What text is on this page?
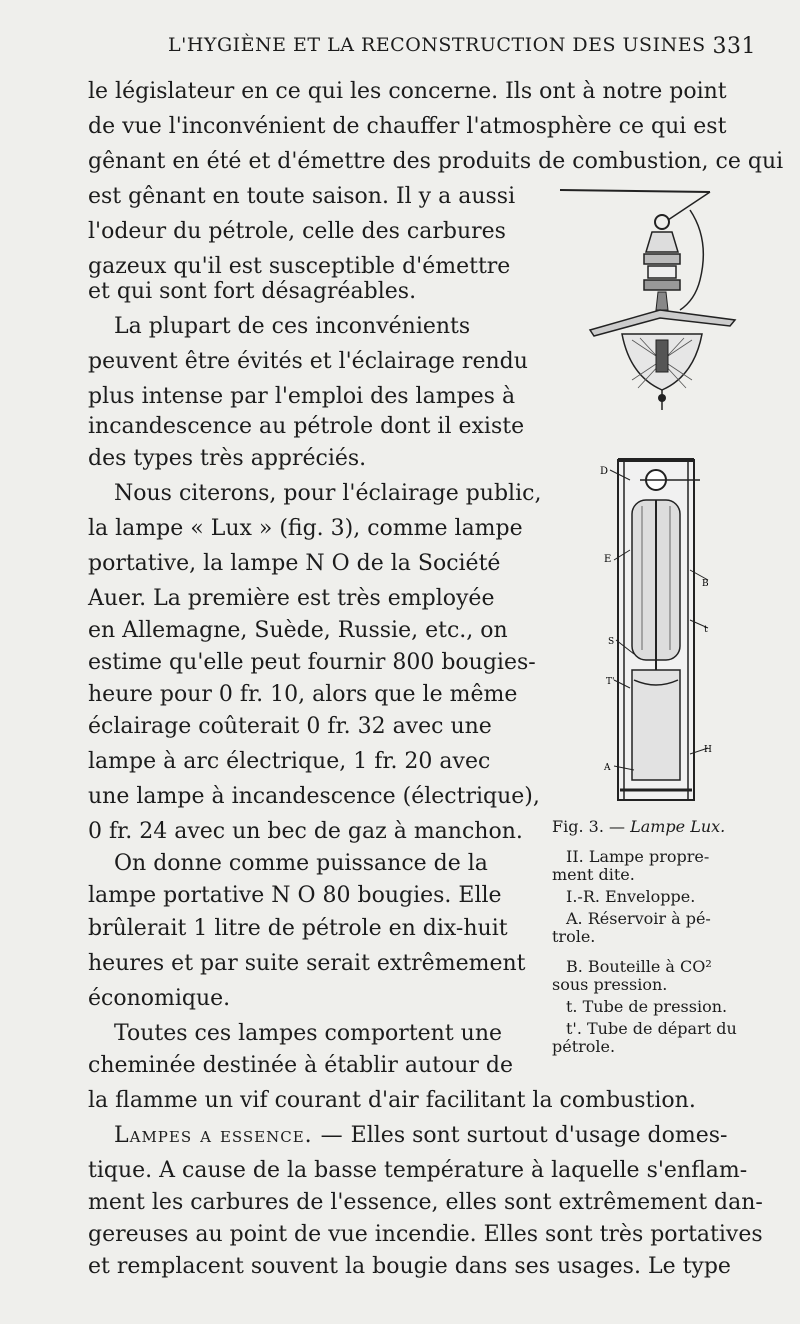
L'HYGIÈNE ET LA RECONSTRUCTION DES USINES 331
le législateur en ce qui les concerne. Ils ont à notre point
de vue l'inconvénient de chauffer l'atmosphère ce qui est
gênant en été et d'émettre des produits de combustion, ce qui
est gênant en toute saison. Il y a aussi
l'odeur du pétrole, celle des carbures
gazeux qu'il est susceptible d'émettre
et qui sont fort désagréables.
La plupart de ces inconvénients
peuvent être évités et l'éclairage rendu
plus intense par l'emploi des lampes à
incandescence au pétrole dont il existe
des types très appréciés.
Nous citerons, pour l'éclairage public,
la lampe « Lux » (fig. 3), comme lampe
portative, la lampe N O de la Société
Auer. La première est très employée
en Allemagne, Suède, Russie, etc., on
estime qu'elle peut fournir 800 bougies-
heure pour 0 fr. 10, alors que le même
éclairage coûterait 0 fr. 32 avec une
lampe à arc électrique, 1 fr. 20 avec
une lampe à incandescence (électrique),
0 fr. 24 avec un bec de gaz à manchon.
On donne comme puissance de la
lampe portative N O 80 bougies. Elle
brûlerait 1 litre de pétrole en dix-huit
heures et par suite serait extrêmement
économique.
Toutes ces lampes comportent une
cheminée destinée à établir autour de
la flamme un vif courant d'air facilitant la combustion.
Lampes a essence. — Elles sont surtout d'usage domes-
tique. A cause de la basse température à laquelle s'enflam-
ment les carbures de l'essence, elles sont extrêmement dan-
gereuses au point de vue incendie. Elles sont très portatives
et remplacent souvent la bougie dans ses usages. Le type
D
E
B
S
t
T'
A
H
Fig. 3. — Lampe Lux.
II. Lampe propre-
ment dite.
I.-R. Enveloppe.
A. Réservoir à pé-
trole.
B. Bouteille à CO²
sous pression.
t. Tube de pression.
t'. Tube de départ du
pétrole.
